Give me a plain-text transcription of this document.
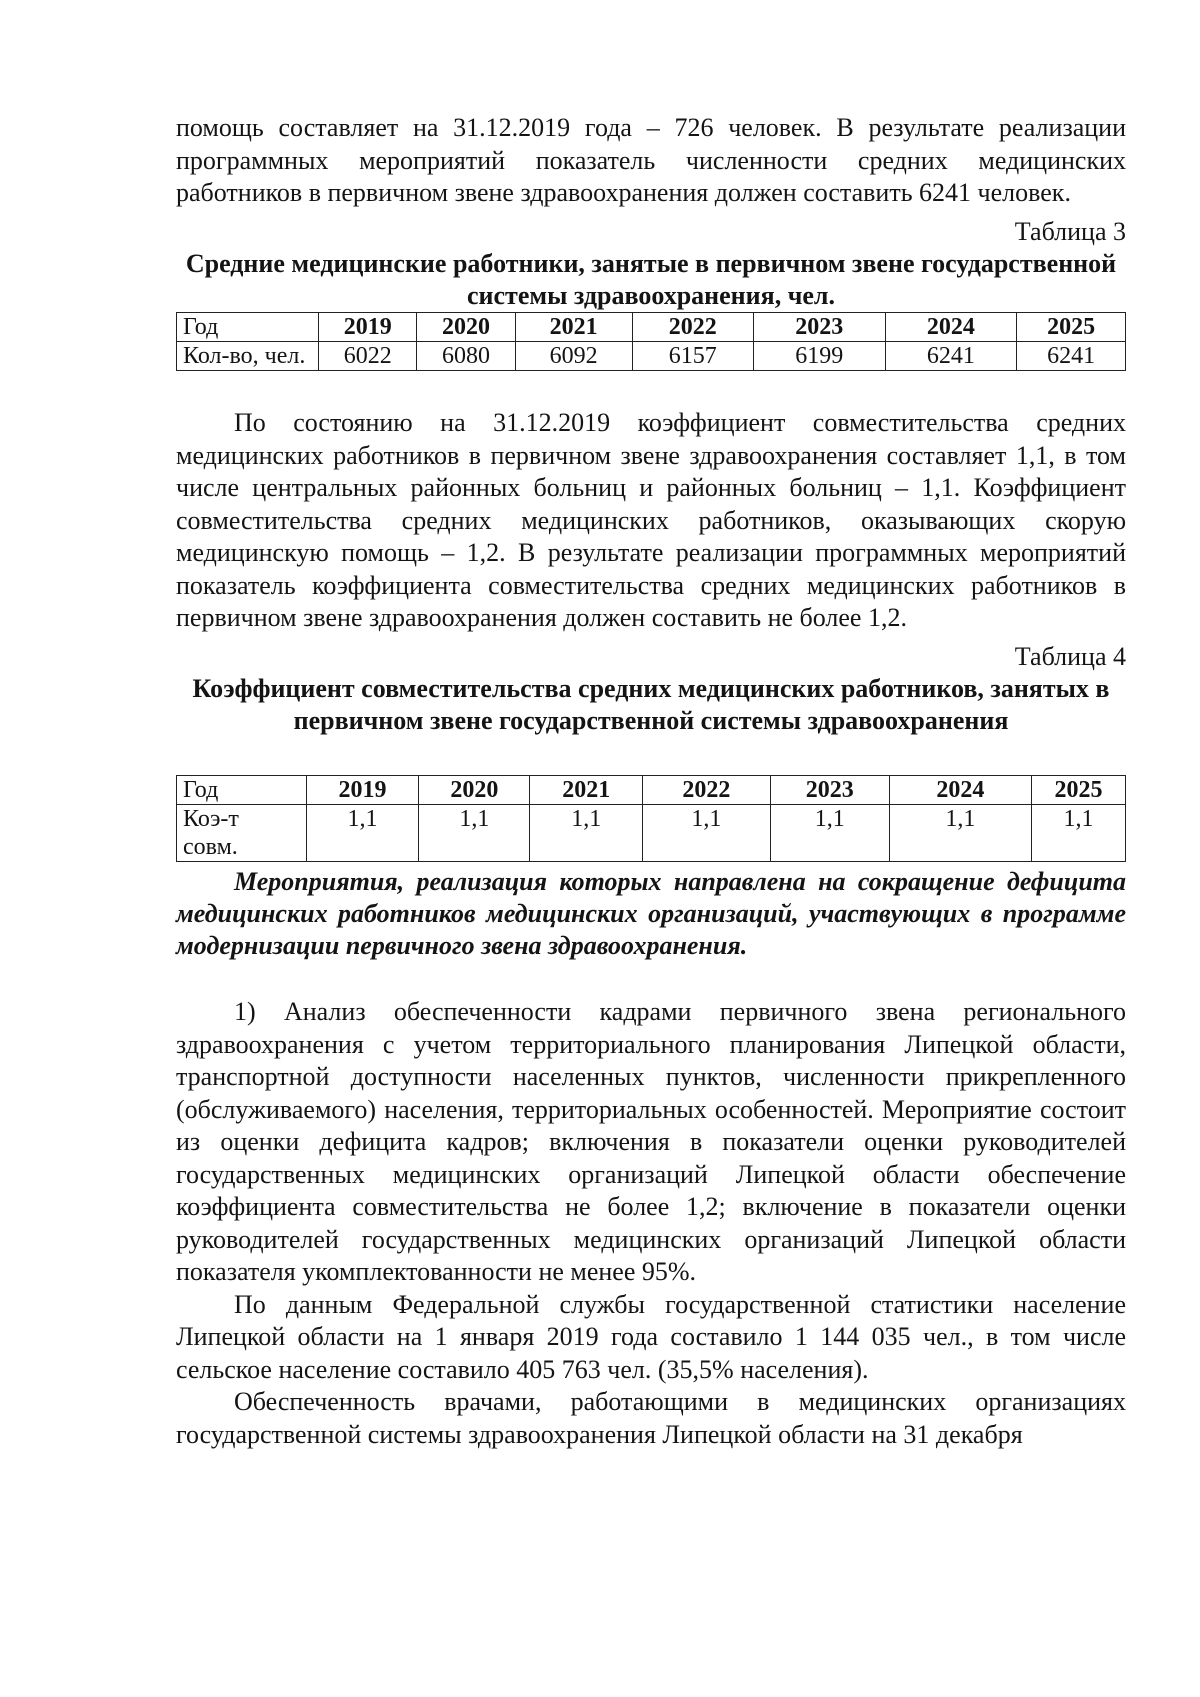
помощь составляет на 31.12.2019 года – 726 человек. В результате реализации программных мероприятий показатель численности средних медицинских работников в первичном звене здравоохранения должен составить 6241 человек.

Таблица 3

Средние медицинские работники, занятые в первичном звене государственной системы здравоохранения, чел.

Год	2019	2020	2021	2022	2023	2024	2025
Кол-во, чел.	6022	6080	6092	6157	6199	6241	6241

По состоянию на 31.12.2019 коэффициент совместительства средних медицинских работников в первичном звене здравоохранения составляет 1,1, в том числе центральных районных больниц и районных больниц – 1,1. Коэффициент совместительства средних медицинских работников, оказывающих скорую медицинскую помощь – 1,2. В результате реализации программных мероприятий показатель коэффициента совместительства средних медицинских работников в первичном звене здравоохранения должен составить не более 1,2.

Таблица 4

Коэффициент совместительства средних медицинских работников, занятых в первичном звене государственной системы здравоохранения

Год	2019	2020	2021	2022	2023	2024	2025
Коэ-т совм.	1,1	1,1	1,1	1,1	1,1	1,1	1,1

Мероприятия, реализация которых направлена на сокращение дефицита медицинских работников медицинских организаций, участвующих в программе модернизации первичного звена здравоохранения.

1) Анализ обеспеченности кадрами первичного звена регионального здравоохранения с учетом территориального планирования Липецкой области, транспортной доступности населенных пунктов, численности прикрепленного (обслуживаемого) населения, территориальных особенностей. Мероприятие состоит из оценки дефицита кадров; включения в показатели оценки руководителей государственных медицинских организаций Липецкой области обеспечение коэффициента совместительства не более 1,2; включение в показатели оценки руководителей государственных медицинских организаций Липецкой области показателя укомплектованности не менее 95%.

По данным Федеральной службы государственной статистики население Липецкой области на 1 января 2019 года составило 1 144 035 чел., в том числе сельское население составило 405 763 чел. (35,5% населения).

Обеспеченность врачами, работающими в медицинских организациях государственной системы здравоохранения Липецкой области на 31 декабря
